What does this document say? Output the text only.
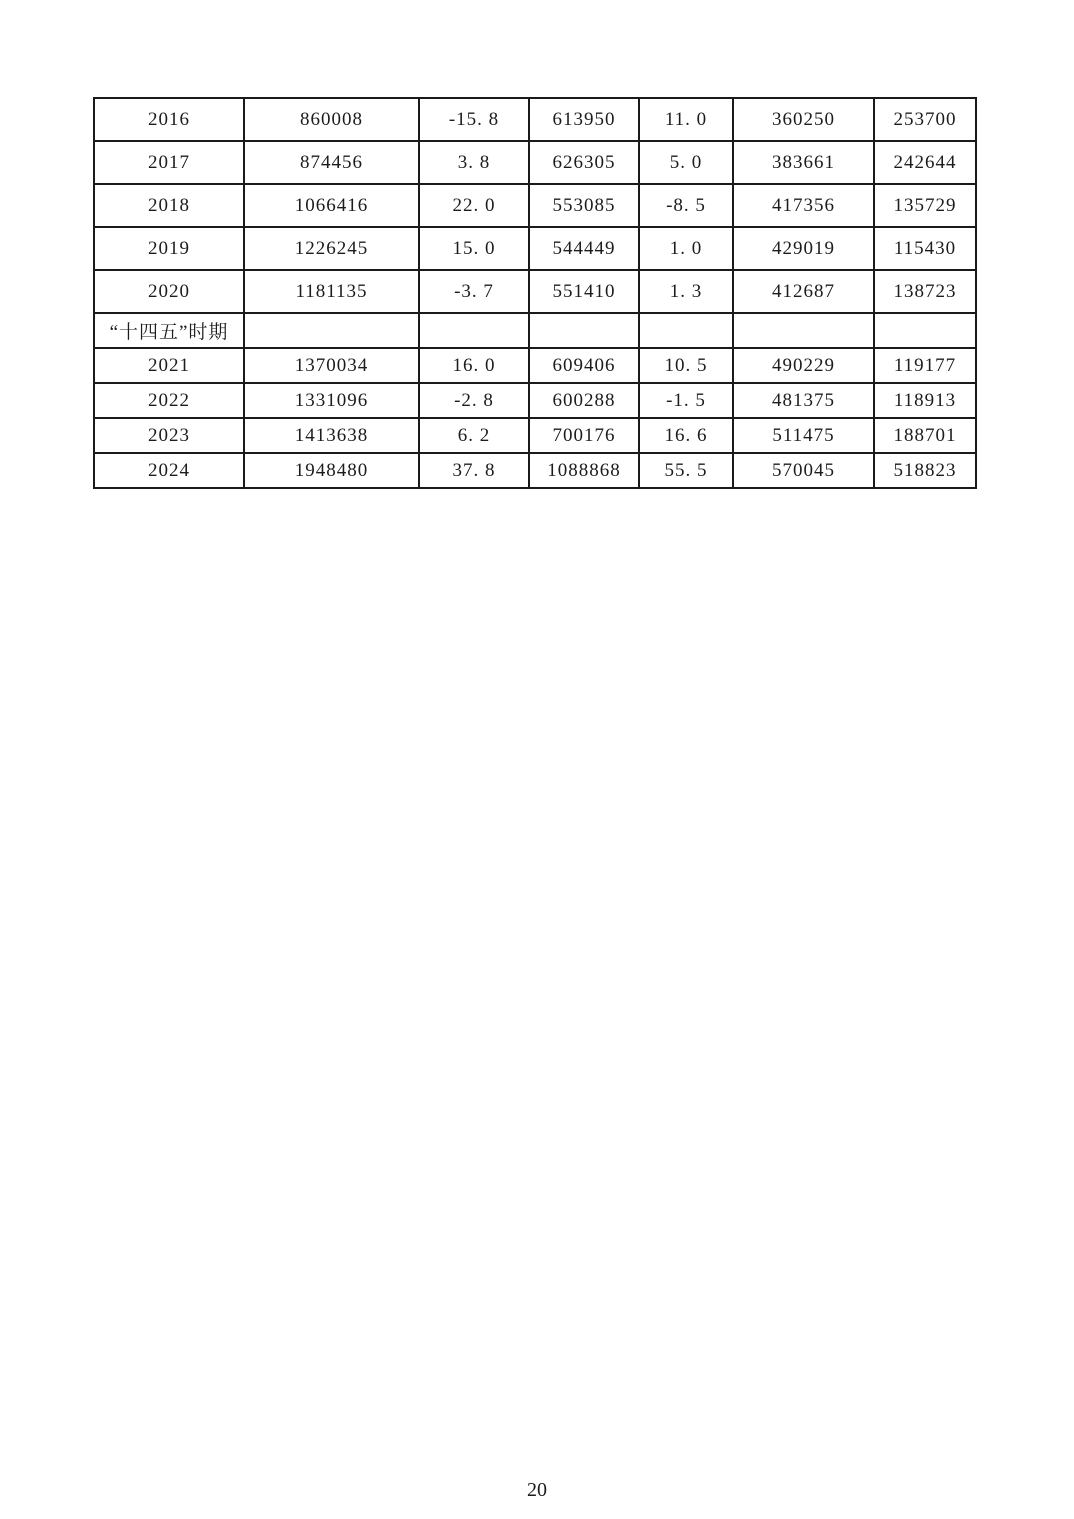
2016	860008	-15. 8	613950	11. 0	360250	253700
2017	874456	3. 8	626305	5. 0	383661	242644
2018	1066416	22. 0	553085	-8. 5	417356	135729
2019	1226245	15. 0	544449	1. 0	429019	115430
2020	1181135	-3. 7	551410	1. 3	412687	138723
“十四五”时期						
2021	1370034	16. 0	609406	10. 5	490229	119177
2022	1331096	-2. 8	600288	-1. 5	481375	118913
2023	1413638	6. 2	700176	16. 6	511475	188701
2024	1948480	37. 8	1088868	55. 5	570045	518823
20
